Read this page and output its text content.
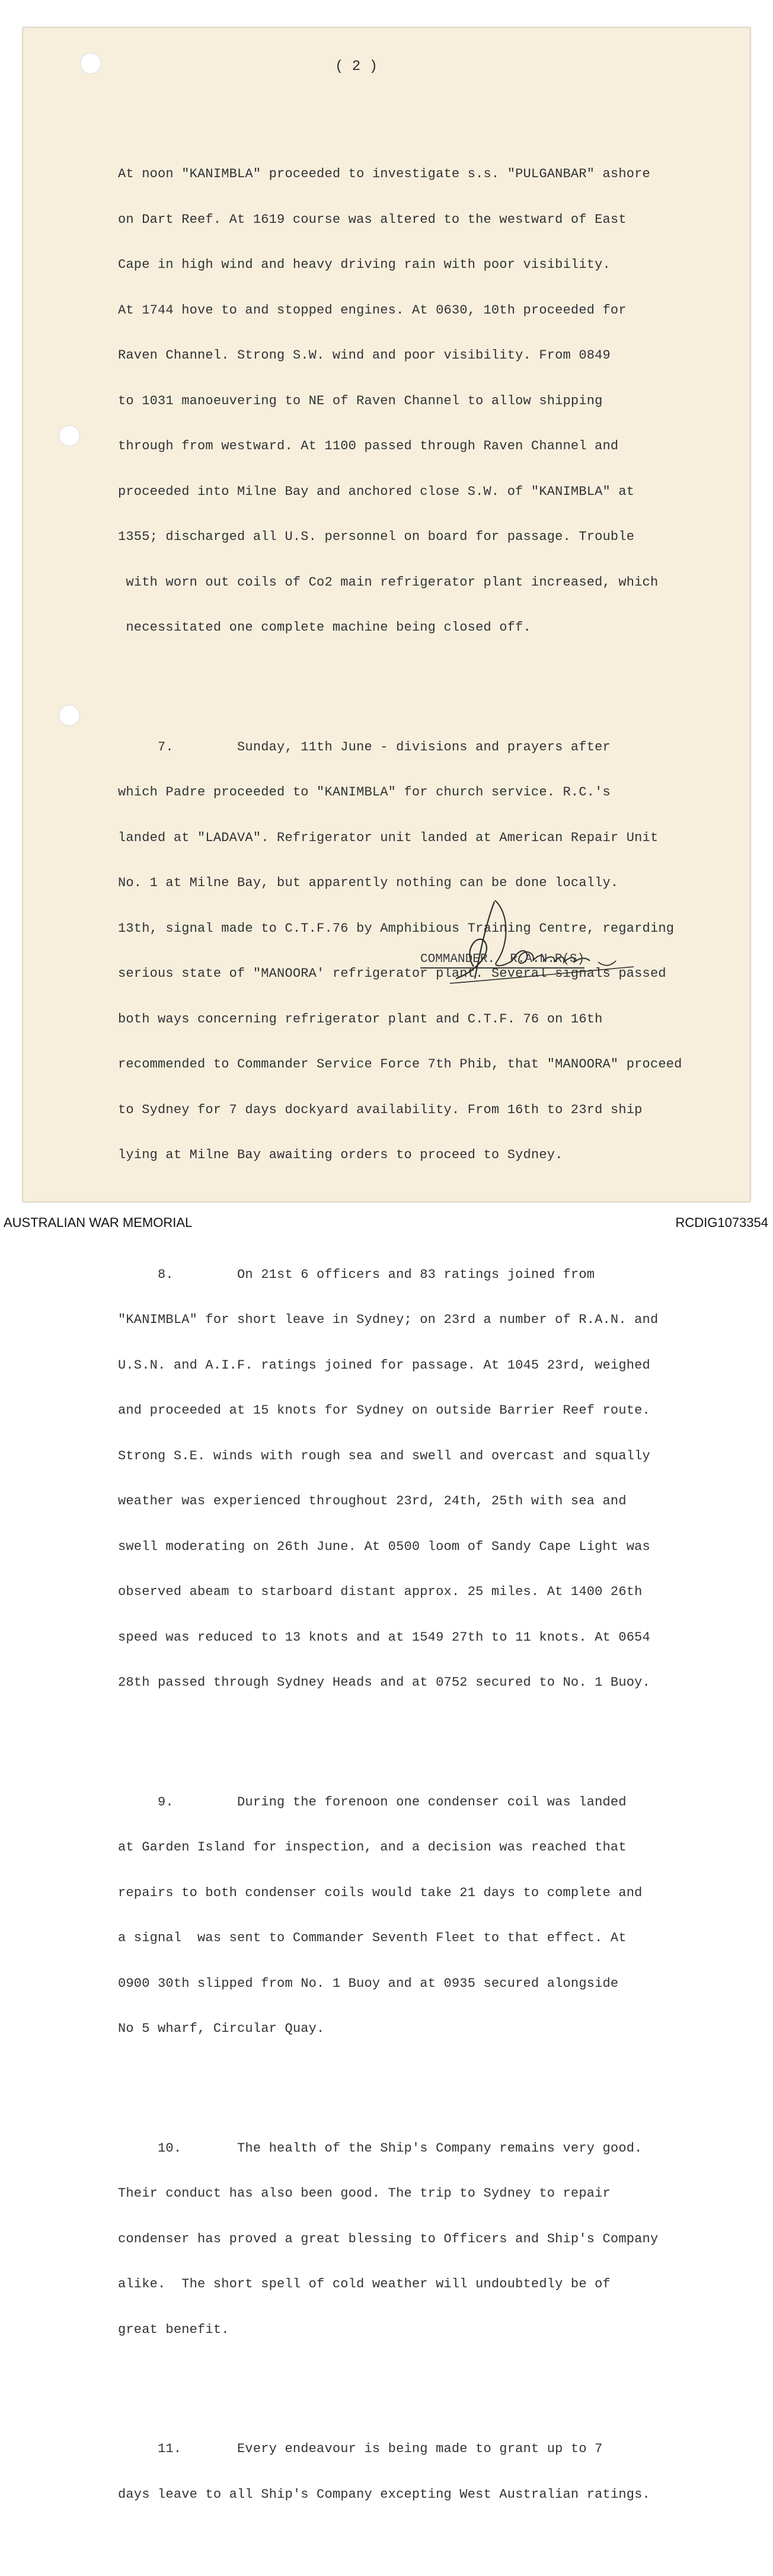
( 2 )

At noon "KANIMBLA" proceeded to investigate s.s. "PULGANBAR" ashore

on Dart Reef. At 1619 course was altered to the westward of East

Cape in high wind and heavy driving rain with poor visibility.

At 1744 hove to and stopped engines. At 0630, 10th proceeded for

Raven Channel. Strong S.W. wind and poor visibility. From 0849

to 1031 manoeuvering to NE of Raven Channel to allow shipping

through from westward. At 1100 passed through Raven Channel and

proceeded into Milne Bay and anchored close S.W. of "KANIMBLA" at

1355; discharged all U.S. personnel on board for passage. Trouble

with worn out coils of Co2 main refrigerator plant increased, which

necessitated one complete machine being closed off.

7.        Sunday, 11th June - divisions and prayers after

which Padre proceeded to "KANIMBLA" for church service. R.C.'s

landed at "LADAVA". Refrigerator unit landed at American Repair Unit

No. 1 at Milne Bay, but apparently nothing can be done locally.

13th, signal made to C.T.F.76 by Amphibious Training Centre, regarding

serious state of "MANOORA' refrigerator plant. Several signals passed

both ways concerning refrigerator plant and C.T.F. 76 on 16th

recommended to Commander Service Force 7th Phib, that "MANOORA" proceed

to Sydney for 7 days dockyard availability. From 16th to 23rd ship

lying at Milne Bay awaiting orders to proceed to Sydney.

8.        On 21st 6 officers and 83 ratings joined from

"KANIMBLA" for short leave in Sydney; on 23rd a number of R.A.N. and

U.S.N. and A.I.F. ratings joined for passage. At 1045 23rd, weighed

and proceeded at 15 knots for Sydney on outside Barrier Reef route.

Strong S.E. winds with rough sea and swell and overcast and squally

weather was experienced throughout 23rd, 24th, 25th with sea and

swell moderating on 26th June. At 0500 loom of Sandy Cape Light was

observed abeam to starboard distant approx. 25 miles. At 1400 26th

speed was reduced to 13 knots and at 1549 27th to 11 knots. At 0654

28th passed through Sydney Heads and at 0752 secured to No. 1 Buoy.

9.        During the forenoon one condenser coil was landed

at Garden Island for inspection, and a decision was reached that

repairs to both condenser coils would take 21 days to complete and

a signal  was sent to Commander Seventh Fleet to that effect. At

0900 30th slipped from No. 1 Buoy and at 0935 secured alongside

No 5 wharf, Circular Quay.

10.       The health of the Ship's Company remains very good.

Their conduct has also been good. The trip to Sydney to repair

condenser has proved a great blessing to Officers and Ship's Company

alike.  The short spell of cold weather will undoubtedly be of

great benefit.

11.       Every endeavour is being made to grant up to 7

days leave to all Ship's Company excepting West Australian ratings.

COMMANDER.  R.A.N.R(S)
AUSTRALIAN WAR MEMORIAL	RCDIG1073354
